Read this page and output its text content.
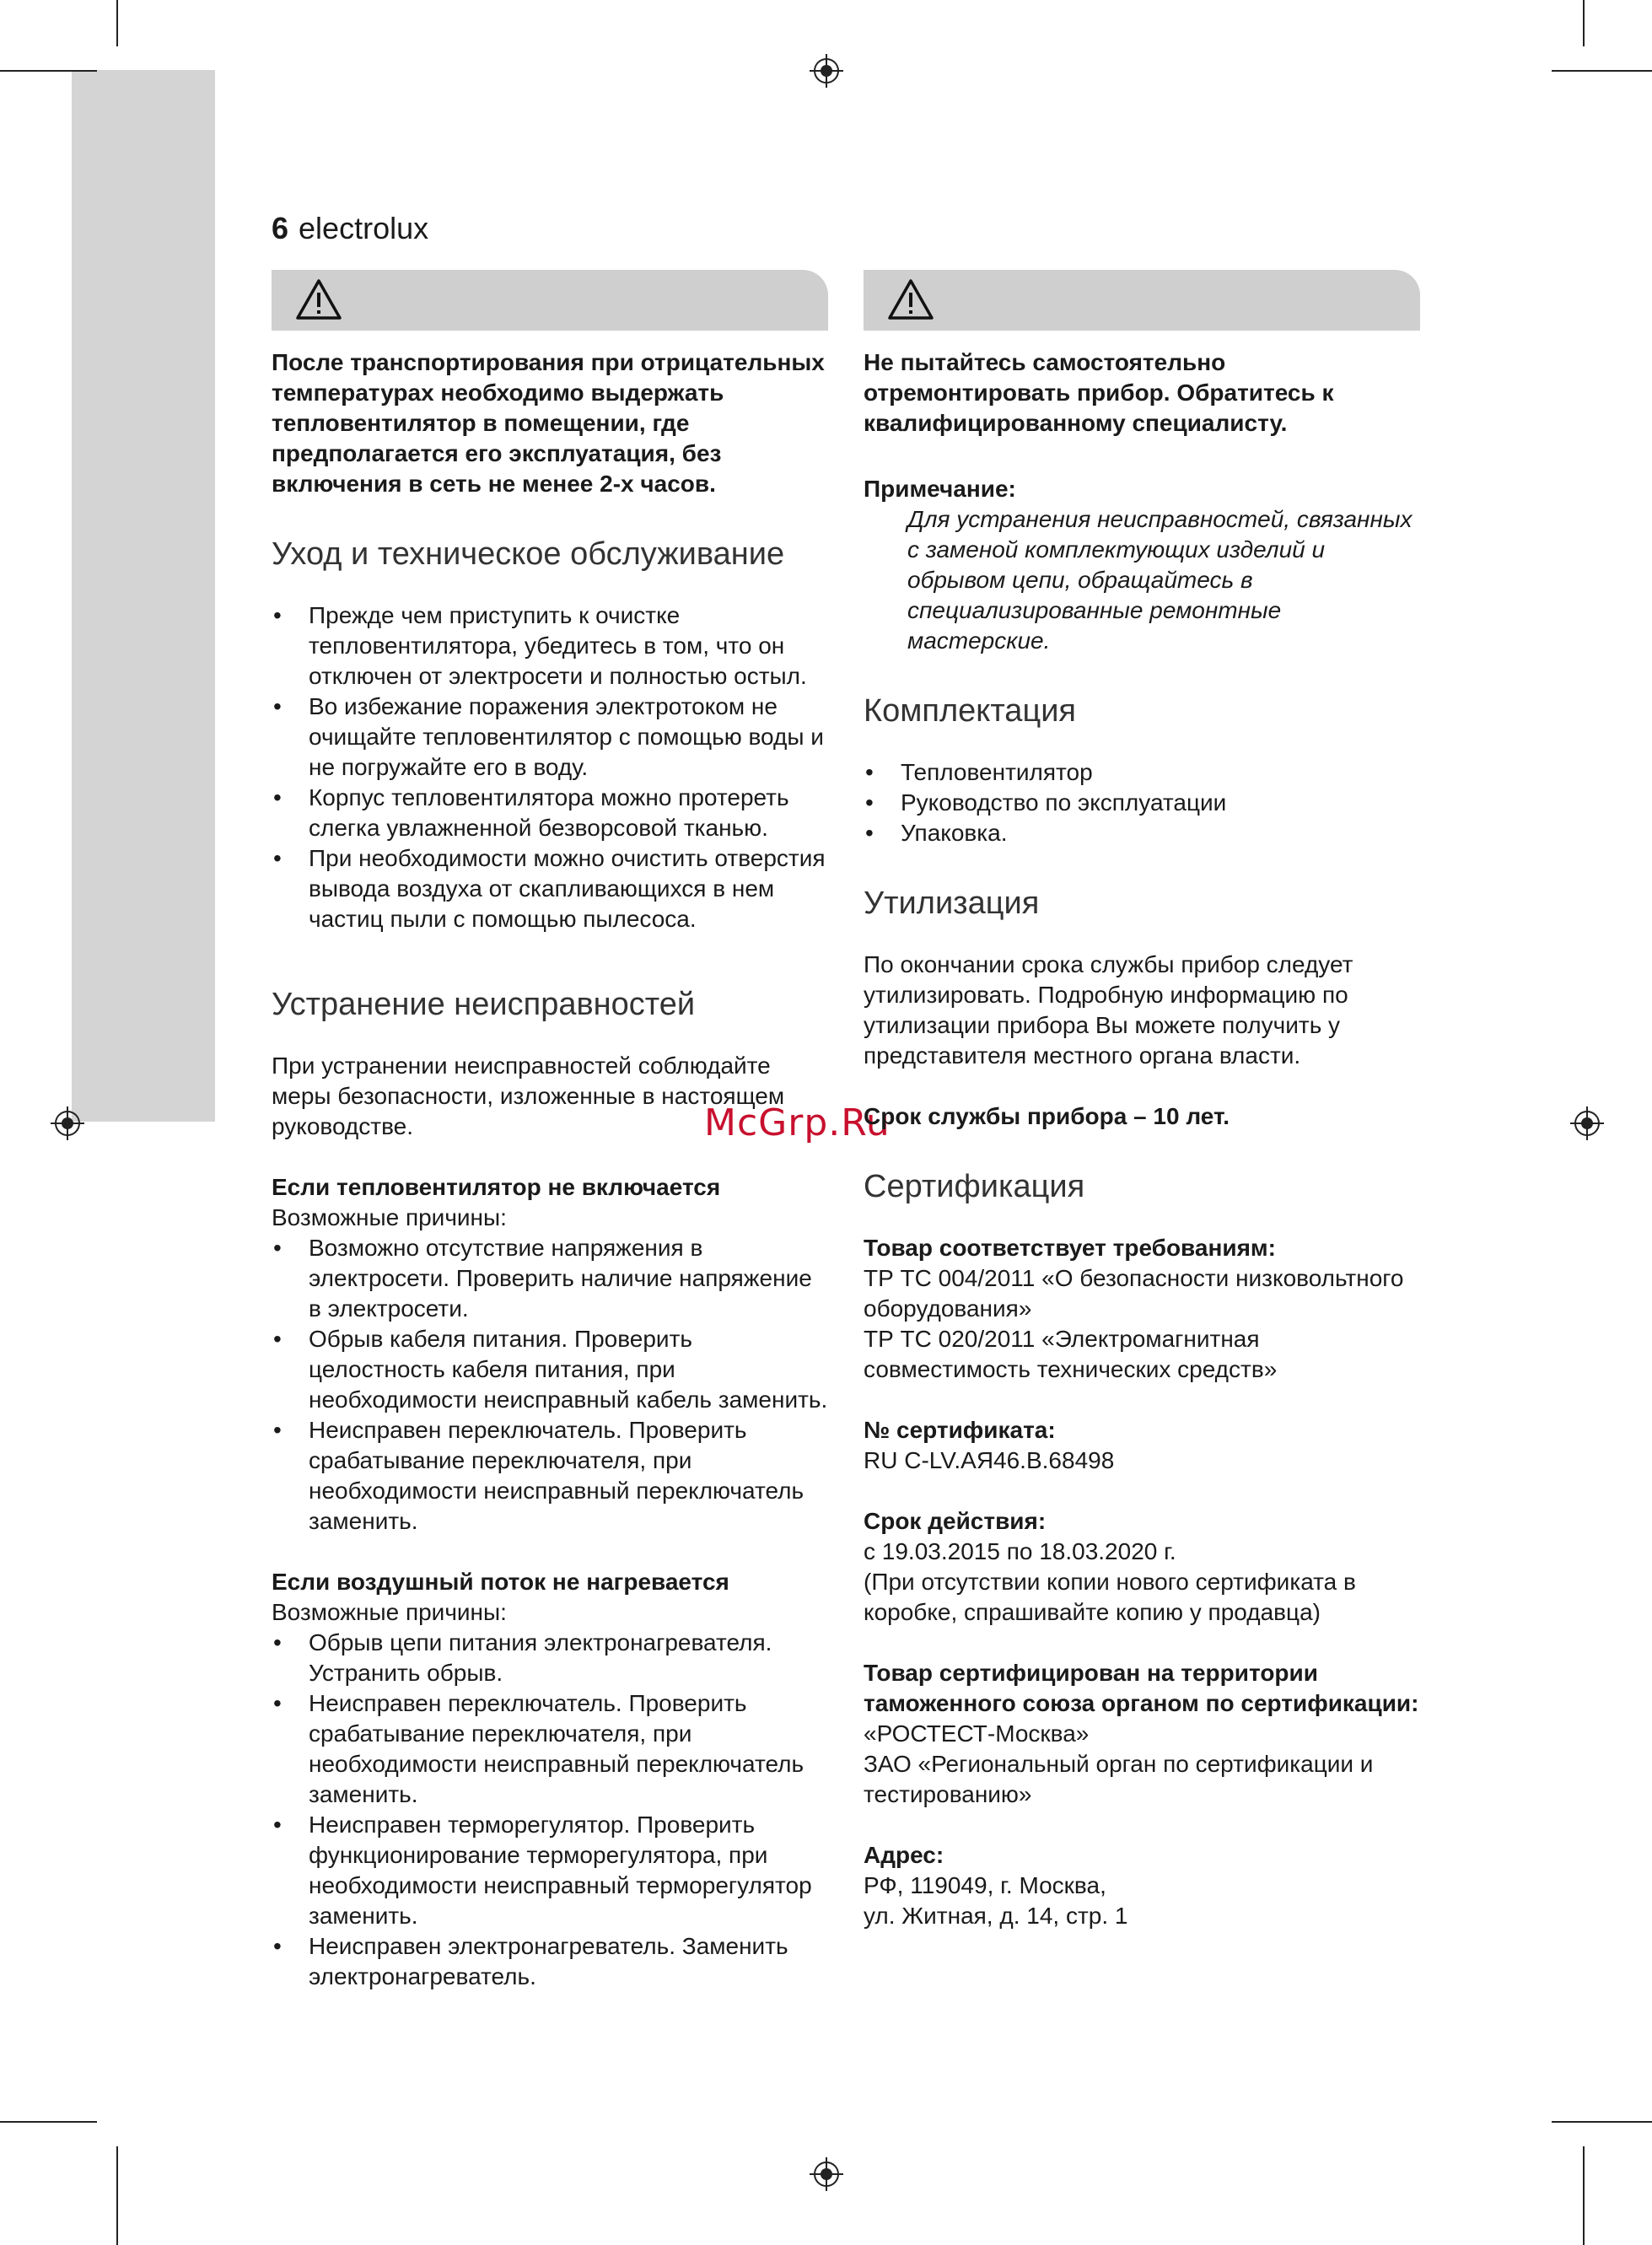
6 electrolux
McGrp.Ru
После транспортирования при отрицательных температурах необходимо выдержать тепловентилятор в помещении, где предполагается его эксплуатация, без включения в сеть не менее 2-х часов.
Уход и техническое обслуживание
• Прежде чем приступить к очистке тепловентилятора, убедитесь в том, что он отключен от электросети и полностью остыл.
• Во избежание поражения электротоком не очищайте тепловентилятор с помощью воды и не погружайте его в воду.
• Корпус тепловентилятора можно протереть слегка увлажненной безворсовой тканью.
• При необходимости можно очистить отверстия вывода воздуха от скапливающихся в нем частиц пыли с помощью пылесоса.
Устранение неисправностей
При устранении неисправностей соблюдайте меры безопасности, изложенные в настоящем руководстве.
Если тепловентилятор не включается
Возможные причины:
• Возможно отсутствие напряжения в электросети. Проверить наличие напряжение в электросети.
• Обрыв кабеля питания. Проверить целостность кабеля питания, при необходимости неисправный кабель заменить.
• Неисправен переключатель. Проверить срабатывание переключателя, при необходимости неисправный переключатель заменить.
Если воздушный поток не нагревается
Возможные причины:
• Обрыв цепи питания электронагревателя. Устранить обрыв.
• Неисправен переключатель. Проверить срабатывание переключателя, при необходимости неисправный переключатель заменить.
• Неисправен терморегулятор. Проверить функционирование терморегулятора, при необходимости неисправный терморегулятор заменить.
• Неисправен электронагреватель. Заменить электронагреватель.
Не пытайтесь самостоятельно отремонтировать прибор. Обратитесь к квалифицированному специалисту.
Примечание:
Для устранения неисправностей, связанных с заменой комплектующих изделий и обрывом цепи, обращайтесь в специализированные ремонтные мастерские.
Комплектация
• Тепловентилятор
• Руководство по эксплуатации
• Упаковка.
Утилизация
По окончании срока службы прибор следует утилизировать. Подробную информацию по утилизации прибора Вы можете получить у представителя местного органа власти.
Срок службы прибора – 10 лет.
Сертификация
Товар соответствует требованиям:
ТР ТС 004/2011 «О безопасности низковольтного оборудования»
ТР ТС 020/2011 «Электромагнитная совместимость технических средств»
№ сертификата:
RU C-LV.АЯ46.В.68498
Срок действия:
с 19.03.2015 по 18.03.2020 г.
(При отсутствии копии нового сертификата в коробке, спрашивайте копию у продавца)
Товар сертифицирован на территории таможенного союза органом по сертификации:
«РОСТЕСТ-Москва»
ЗАО «Региональный орган по сертификации и тестированию»
Адрес:
РФ, 119049, г. Москва,
ул. Житная, д. 14, стр. 1
